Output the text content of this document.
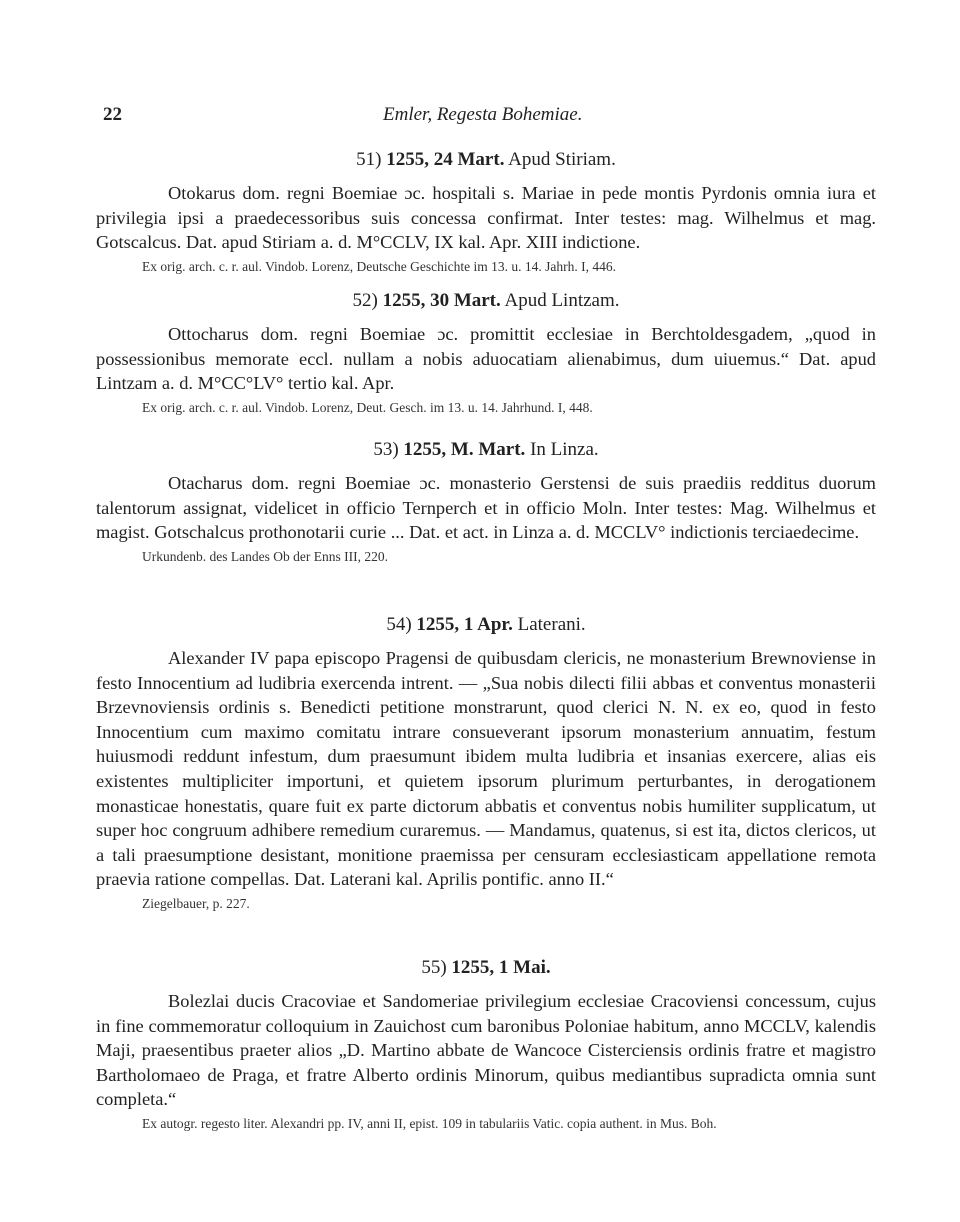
22	Emler, Regesta Bohemiae.
51) 1255, 24 Mart. Apud Stiriam.

Otokarus dom. regni Boemiae ɔc. hospitali s. Mariae in pede montis Pyrdonis omnia iura et privilegia ipsi a praedecessoribus suis concessa confirmat. Inter testes: mag. Wilhelmus et mag. Gotscalcus. Dat. apud Stiriam a. d. M°CCLV, IX kal. Apr. XIII indictione.

Ex orig. arch. c. r. aul. Vindob. Lorenz, Deutsche Geschichte im 13. u. 14. Jahrh. I, 446.

52) 1255, 30 Mart. Apud Lintzam.

Ottocharus dom. regni Boemiae ɔc. promittit ecclesiae in Berchtoldesgadem, „quod in possessionibus memorate eccl. nullam a nobis aduocatiam alienabimus, dum uiuemus.“ Dat. apud Lintzam a. d. M°CC°LV° tertio kal. Apr.

Ex orig. arch. c. r. aul. Vindob. Lorenz, Deut. Gesch. im 13. u. 14. Jahrhund. I, 448.

53) 1255, M. Mart. In Linza.

Otacharus dom. regni Boemiae ɔc. monasterio Gerstensi de suis praediis redditus duorum talentorum assignat, videlicet in officio Ternperch et in officio Moln. Inter testes: Mag. Wilhelmus et magist. Gotschalcus prothonotarii curie ... Dat. et act. in Linza a. d. MCCLV° indictionis terciaedecime.

Urkundenb. des Landes Ob der Enns III, 220.

54) 1255, 1 Apr. Laterani.

Alexander IV papa episcopo Pragensi de quibusdam clericis, ne monasterium Brewnoviense in festo Innocentium ad ludibria exercenda intrent. — „Sua nobis dilecti filii abbas et conventus monasterii Brzevnoviensis ordinis s. Benedicti petitione monstrarunt, quod clerici N. N. ex eo, quod in festo Innocentium cum maximo comitatu intrare consueverant ipsorum monasterium annuatim, festum huiusmodi reddunt infestum, dum praesumunt ibidem multa ludibria et insanias exercere, alias eis existentes multipliciter importuni, et quietem ipsorum plurimum perturbantes, in derogationem monasticae honestatis, quare fuit ex parte dictorum abbatis et conventus nobis humiliter supplicatum, ut super hoc congruum adhibere remedium curaremus. — Mandamus, quatenus, si est ita, dictos clericos, ut a tali praesumptione desistant, monitione praemissa per censuram ecclesiasticam appellatione remota praevia ratione compellas. Dat. Laterani kal. Aprilis pontific. anno II.“

Ziegelbauer, p. 227.

55) 1255, 1 Mai.

Bolezlai ducis Cracoviae et Sandomeriae privilegium ecclesiae Cracoviensi concessum, cujus in fine commemoratur colloquium in Zauichost cum baronibus Poloniae habitum, anno MCCLV, kalendis Maji, praesentibus praeter alios „D. Martino abbate de Wancoce Cisterciensis ordinis fratre et magistro Bartholomaeo de Praga, et fratre Alberto ordinis Minorum, quibus mediantibus supradicta omnia sunt completa.“

Ex autogr. regesto liter. Alexandri pp. IV, anni II, epist. 109 in tabulariis Vatic. copia authent. in Mus. Boh.
